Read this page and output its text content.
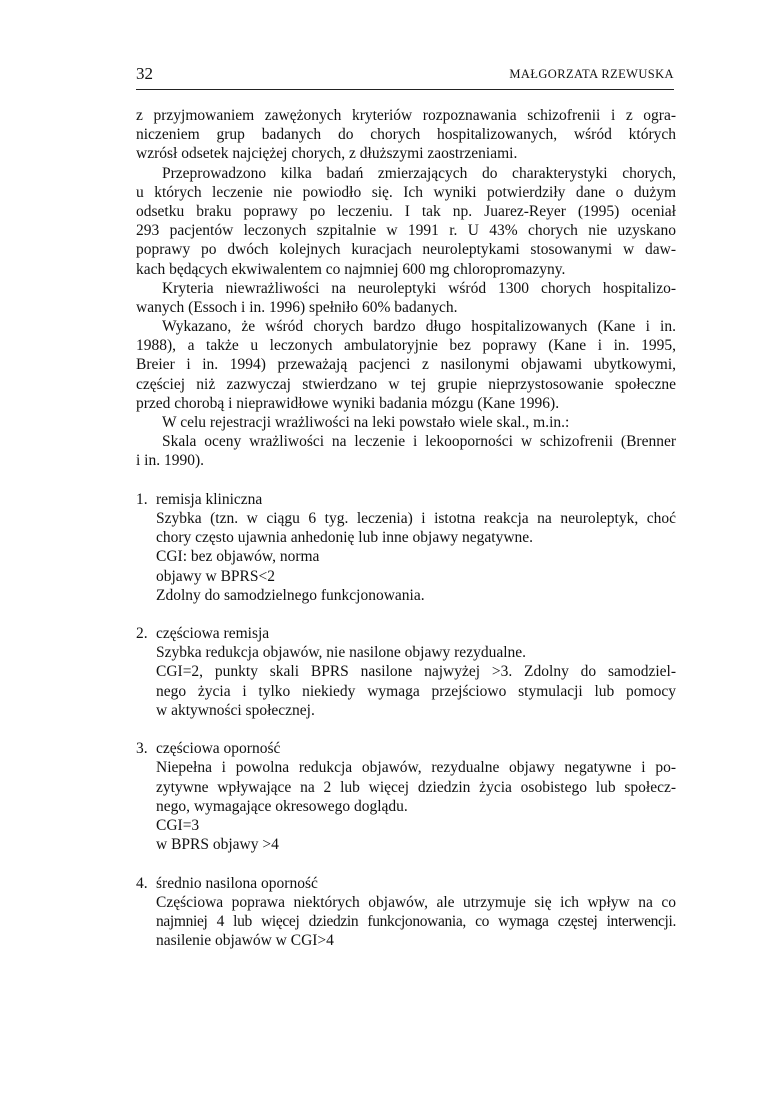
32	MAŁGORZATA RZEWUSKA
z przyjmowaniem zawężonych kryteriów rozpoznawania schizofrenii i z ogra-
niczeniem grup badanych do chorych hospitalizowanych, wśród których
wzrósł odsetek najciężej chorych, z dłuższymi zaostrzeniami.
Przeprowadzono kilka badań zmierzających do charakterystyki chorych,
u których leczenie nie powiodło się. Ich wyniki potwierdziły dane o dużym
odsetku braku poprawy po leczeniu. I tak np. Juarez-Reyer (1995) oceniał
293 pacjentów leczonych szpitalnie w 1991 r. U 43% chorych nie uzyskano
poprawy po dwóch kolejnych kuracjach neuroleptykami stosowanymi w daw-
kach będących ekwiwalentem co najmniej 600 mg chloropromazyny.
Kryteria niewrażliwości na neuroleptyki wśród 1300 chorych hospitalizo-
wanych (Essoch i in. 1996) spełniło 60% badanych.
Wykazano, że wśród chorych bardzo długo hospitalizowanych (Kane i in.
1988), a także u leczonych ambulatoryjnie bez poprawy (Kane i in. 1995,
Breier i in. 1994) przeważają pacjenci z nasilonymi objawami ubytkowymi,
częściej niż zazwyczaj stwierdzano w tej grupie nieprzystosowanie społeczne
przed chorobą i nieprawidłowe wyniki badania mózgu (Kane 1996).
W celu rejestracji wrażliwości na leki powstało wiele skal., m.in.:
Skala oceny wrażliwości na leczenie i lekooporności w schizofrenii (Brenner
i in. 1990).
1. remisja kliniczna
Szybka (tzn. w ciągu 6 tyg. leczenia) i istotna reakcja na neuroleptyk, choć
chory często ujawnia anhedonię lub inne objawy negatywne.
CGI: bez objawów, norma
objawy w BPRS<2
Zdolny do samodzielnego funkcjonowania.
2. częściowa remisja
Szybka redukcja objawów, nie nasilone objawy rezydualne.
CGI=2, punkty skali BPRS nasilone najwyżej >3. Zdolny do samodziel-
nego życia i tylko niekiedy wymaga przejściowo stymulacji lub pomocy
w aktywności społecznej.
3. częściowa oporność
Niepełna i powolna redukcja objawów, rezydualne objawy negatywne i po-
zytywne wpływające na 2 lub więcej dziedzin życia osobistego lub społecz-
nego, wymagające okresowego doglądu.
CGI=3
w BPRS objawy >4
4. średnio nasilona oporność
Częściowa poprawa niektórych objawów, ale utrzymuje się ich wpływ na co
najmniej 4 lub więcej dziedzin funkcjonowania, co wymaga częstej interwencji.
nasilenie objawów w CGI>4
